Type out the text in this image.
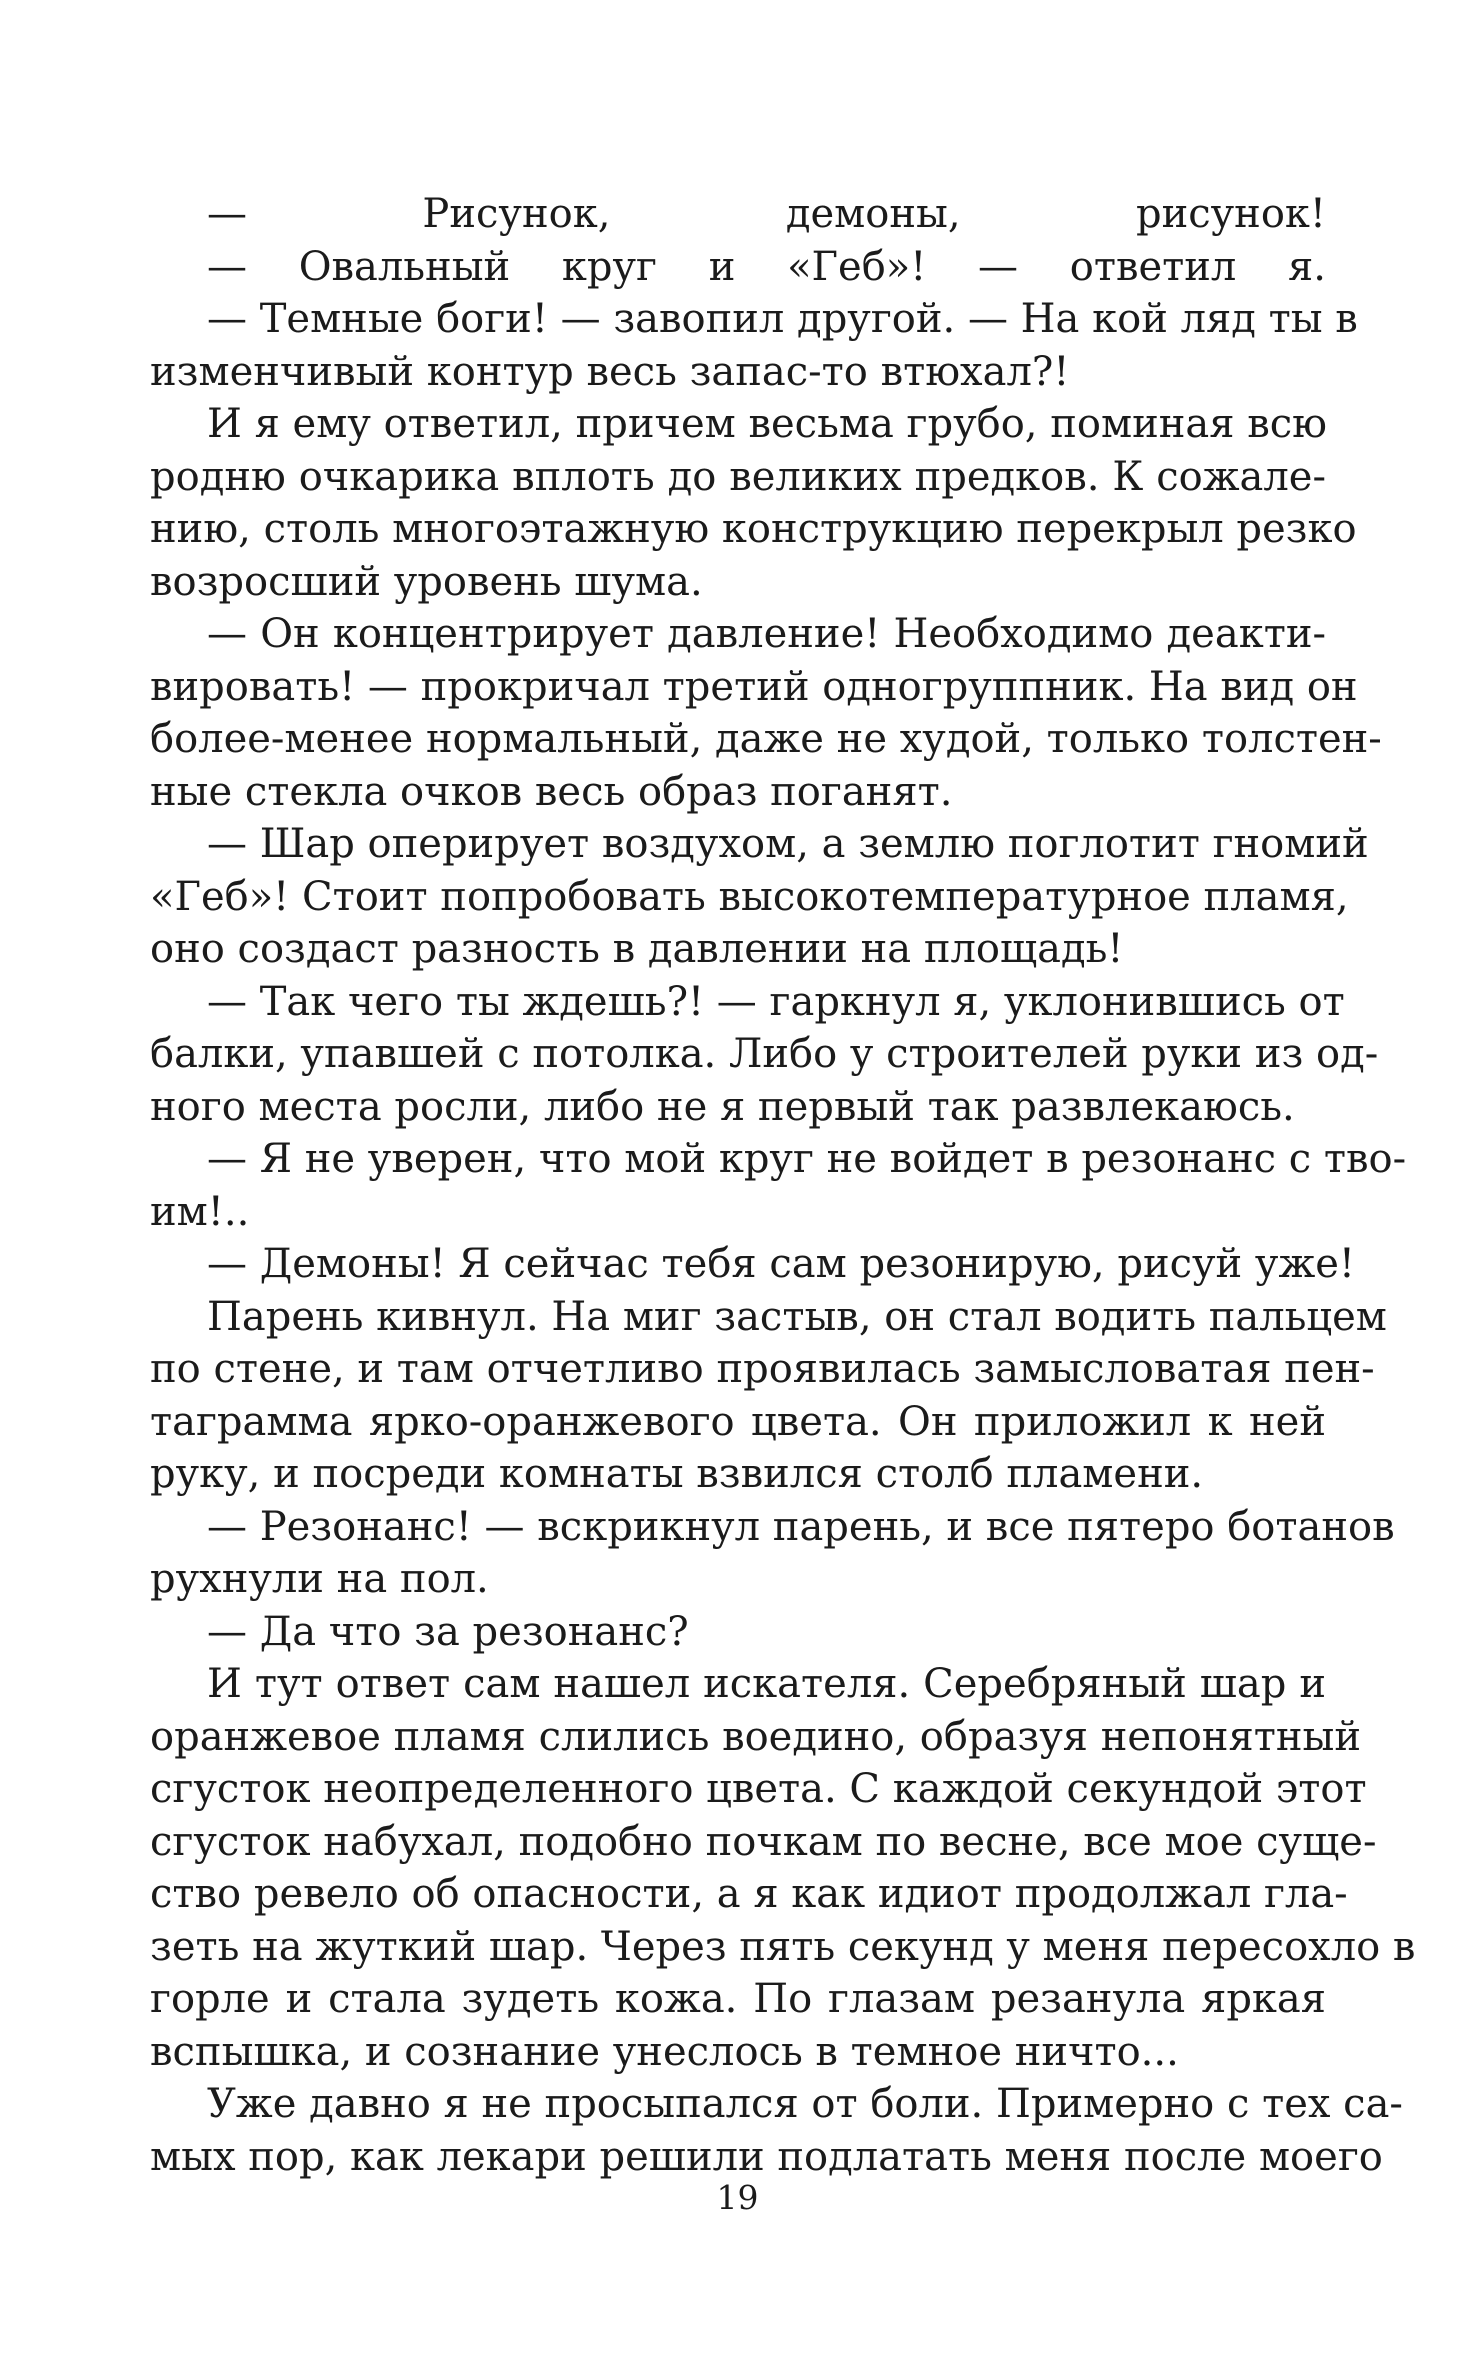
— Рисунок, демоны, рисунок!
— Овальный круг и «Геб»! — ответил я.
— Темные боги! — завопил другой. — На кой ляд ты в
изменчивый контур весь запас-то втюхал?!
И я ему ответил, причем весьма грубо, поминая всю
родню очкарика вплоть до великих предков. К сожале-
нию, столь многоэтажную конструкцию перекрыл резко
возросший уровень шума.
— Он концентрирует давление! Необходимо деакти-
вировать! — прокричал третий одногруппник. На вид он
более-менее нормальный, даже не худой, только толстен-
ные стекла очков весь образ поганят.
— Шар оперирует воздухом, а землю поглотит гномий
«Геб»! Стоит попробовать высокотемпературное пламя,
оно создаст разность в давлении на площадь!
— Так чего ты ждешь?! — гаркнул я, уклонившись от
балки, упавшей с потолка. Либо у строителей руки из од-
ного места росли, либо не я первый так развлекаюсь.
— Я не уверен, что мой круг не войдет в резонанс с тво-
им!..
— Демоны! Я сейчас тебя сам резонирую, рисуй уже!
Парень кивнул. На миг застыв, он стал водить пальцем
по стене, и там отчетливо проявилась замысловатая пен-
таграмма ярко-оранжевого цвета. Он приложил к ней
руку, и посреди комнаты взвился столб пламени.
— Резонанс! — вскрикнул парень, и все пятеро ботанов
рухнули на пол.
— Да что за резонанс?
И тут ответ сам нашел искателя. Серебряный шар и
оранжевое пламя слились воедино, образуя непонятный
сгусток неопределенного цвета. С каждой секундой этот
сгусток набухал, подобно почкам по весне, все мое суще-
ство ревело об опасности, а я как идиот продолжал гла-
зеть на жуткий шар. Через пять секунд у меня пересохло в
горле и стала зудеть кожа. По глазам резанула яркая
вспышка, и сознание унеслось в темное ничто...
Уже давно я не просыпался от боли. Примерно с тех са-
мых пор, как лекари решили подлатать меня после моего
19
